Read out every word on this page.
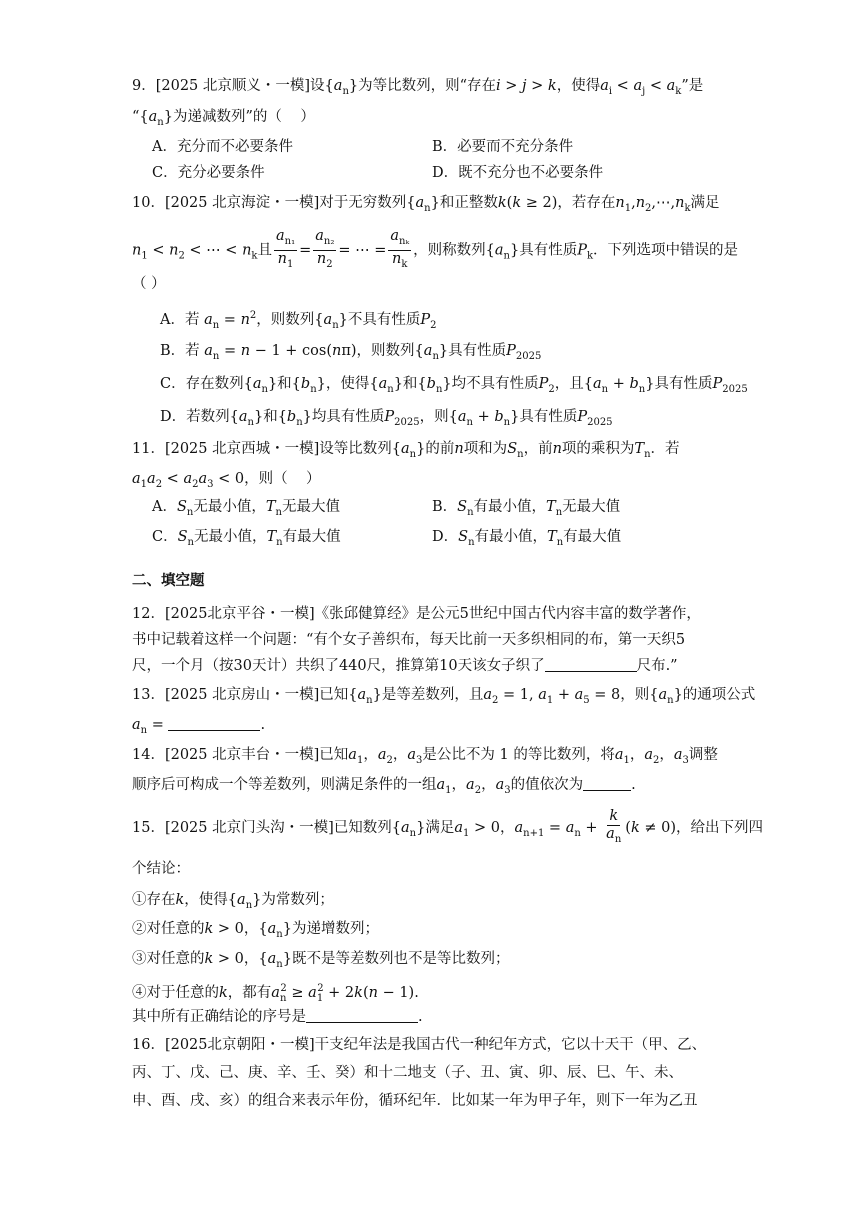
9．[2025 北京顺义・一模]设$\{a_n\}$为等比数列，则“存在i > j > k，使得$a_i < a_j < a_k$”是
“$\{a_n\}$为递减数列”的（    ）
A．充分而不必要条件	B．必要而不充分条件
C．充分必要条件	D．既不充分也不必要条件
10．[2025 北京海淀・一模]对于无穷数列$\{a_n\}$和正整数k(k ≥ 2)，若存在$n_1,n_2,\cdots,n_k$满足
$n_1 < n_2$ < ⋯ < $n_k$且 $\frac{a_{n_1}}{n_1} = \frac{a_{n_2}}{n_2}$ = ⋯ = $\frac{a_{n_k}}{n_k}$ ，则称数列$\{a_n\}$具有性质$P_k$．下列选项中错误的是
（ ）
A．若 $a_n = n^2$，则数列$\{a_n\}$不具有性质$P_2$
B．若 $a_n = n - 1 + \cos(n\pi)$，则数列$\{a_n\}$具有性质$P_{2025}$
C．存在数列$\{a_n\}$和$\{b_n\}$，使得$\{a_n\}$和$\{b_n\}$均不具有性质$P_2$，且$\{a_n + b_n\}$具有性质$P_{2025}$
D．若数列$\{a_n\}$和$\{b_n\}$均具有性质$P_{2025}$，则$\{a_n + b_n\}$具有性质$P_{2025}$
11．[2025 北京西城・一模]设等比数列$\{a_n\}$的前n项和为$S_n$，前n项的乘积为$T_n$．若
$a_1a_2 < a_2a_3 < 0$，则（    ）
A．$S_n$无最小值，$T_n$无最大值	B．$S_n$有最小值，$T_n$无最大值
C．$S_n$无最小值，$T_n$有最大值	D．$S_n$有最小值，$T_n$有最大值
二、填空题
12．[2025北京平谷・一模]《张邱健算经》是公元5世纪中国古代内容丰富的数学著作，
书中记载着这样一个问题：“有个女子善织布，每天比前一天多织相同的布，第一天织5
尺，一个月（按30天计）共织了440尺，推算第10天该女子织了	尺布.”
13．[2025 北京房山・一模]已知$\{a_n\}$是等差数列，且$a_2 = 1$, $a_1 + a_5 = 8$，则$\{a_n\}$的通项公式
$a_n$ =	.
14．[2025 北京丰台・一模]已知$a_1$，$a_2$，$a_3$是公比不为 1 的等比数列，将$a_1$，$a_2$，$a_3$调整
顺序后可构成一个等差数列，则满足条件的一组$a_1$，$a_2$，$a_3$的值依次为	.
15．[2025 北京门头沟・一模]已知数列$\{a_n\}$满足$a_1 > 0$，$a_{n+1} = a_n + \frac{k}{a_n} (k \ne 0)$，给出下列四
个结论：
①存在k，使得$\{a_n\}$为常数列；
②对任意的k > 0，$\{a_n\}$为递增数列；
③对任意的k > 0，$\{a_n\}$既不是等差数列也不是等比数列；
④对于任意的k，都有$a_n^2 \ge a_1^2 + 2k(n - 1)$.
其中所有正确结论的序号是	.
16．[2025北京朝阳・一模]干支纪年法是我国古代一种纪年方式，它以十天干（甲、乙、
丙、丁、戊、己、庚、辛、壬、癸）和十二地支（子、丑、寅、卯、辰、巳、午、未、
申、酉、戌、亥）的组合来表示年份，循环纪年．比如某一年为甲子年，则下一年为乙丑
